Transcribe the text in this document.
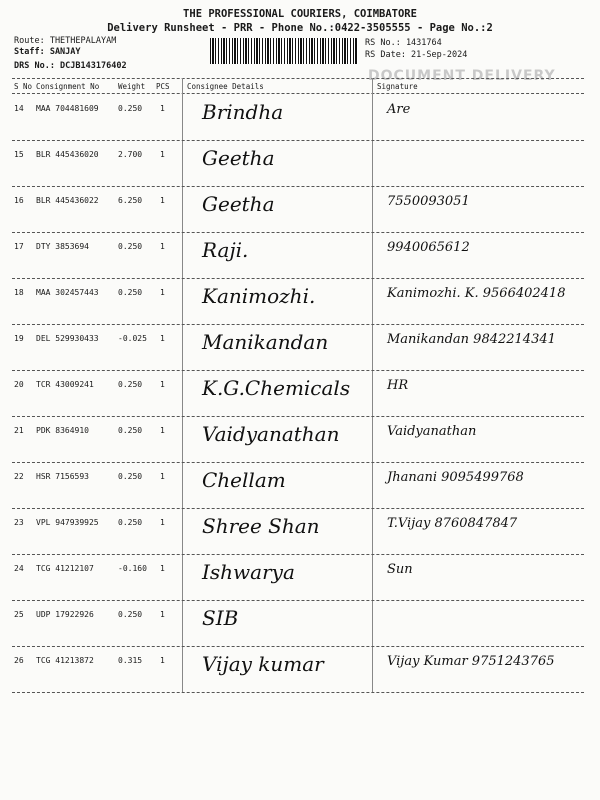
THE PROFESSIONAL COURIERS, COIMBATORE
Delivery Runsheet - PRR - Phone No.:0422-3505555 - Page No.:2
Route: THETHEPALAYAM
Staff: SANJAY
DRS No.: DCJB143176402
RS No.: 1431764
RS Date: 21-Sep-2024
DOCUMENT DELIVERY
S No Consignment No	Weight PCS Consignee Details	Signature
14 MAA 704481609 0.250 1 Brindha	Are
15 BLR 445436020 2.700 1 Geetha
16 BLR 445436022 6.250 1 Geetha	7550093051
17 DTY 3853694	0.250 1 Raji.	9940065612
18 MAA 302457443 0.250 1 Kanimozhi.	Kanimozhi. K. 9566402418
19 DEL 529930433 -0.025 1 Manikandan	Manikandan 9842214341
20 TCR 43009241	0.250 1 K.G.Chemicals	HR
21 PDK 8364910	0.250 1 Vaidyanathan	Vaidyanathan
22 HSR 7156593	0.250 1 Chellam	Jhanani 9095499768
23 VPL 947939925 0.250 1 Shree Shan	T.Vijay 8760847847
24 TCG 41212107	-0.160 1 Ishwarya	Sun
25 UDP 17922926	0.250 1 SIB
26 TCG 41213872	0.315 1 Vijay kumar	Vijay Kumar 9751243765
